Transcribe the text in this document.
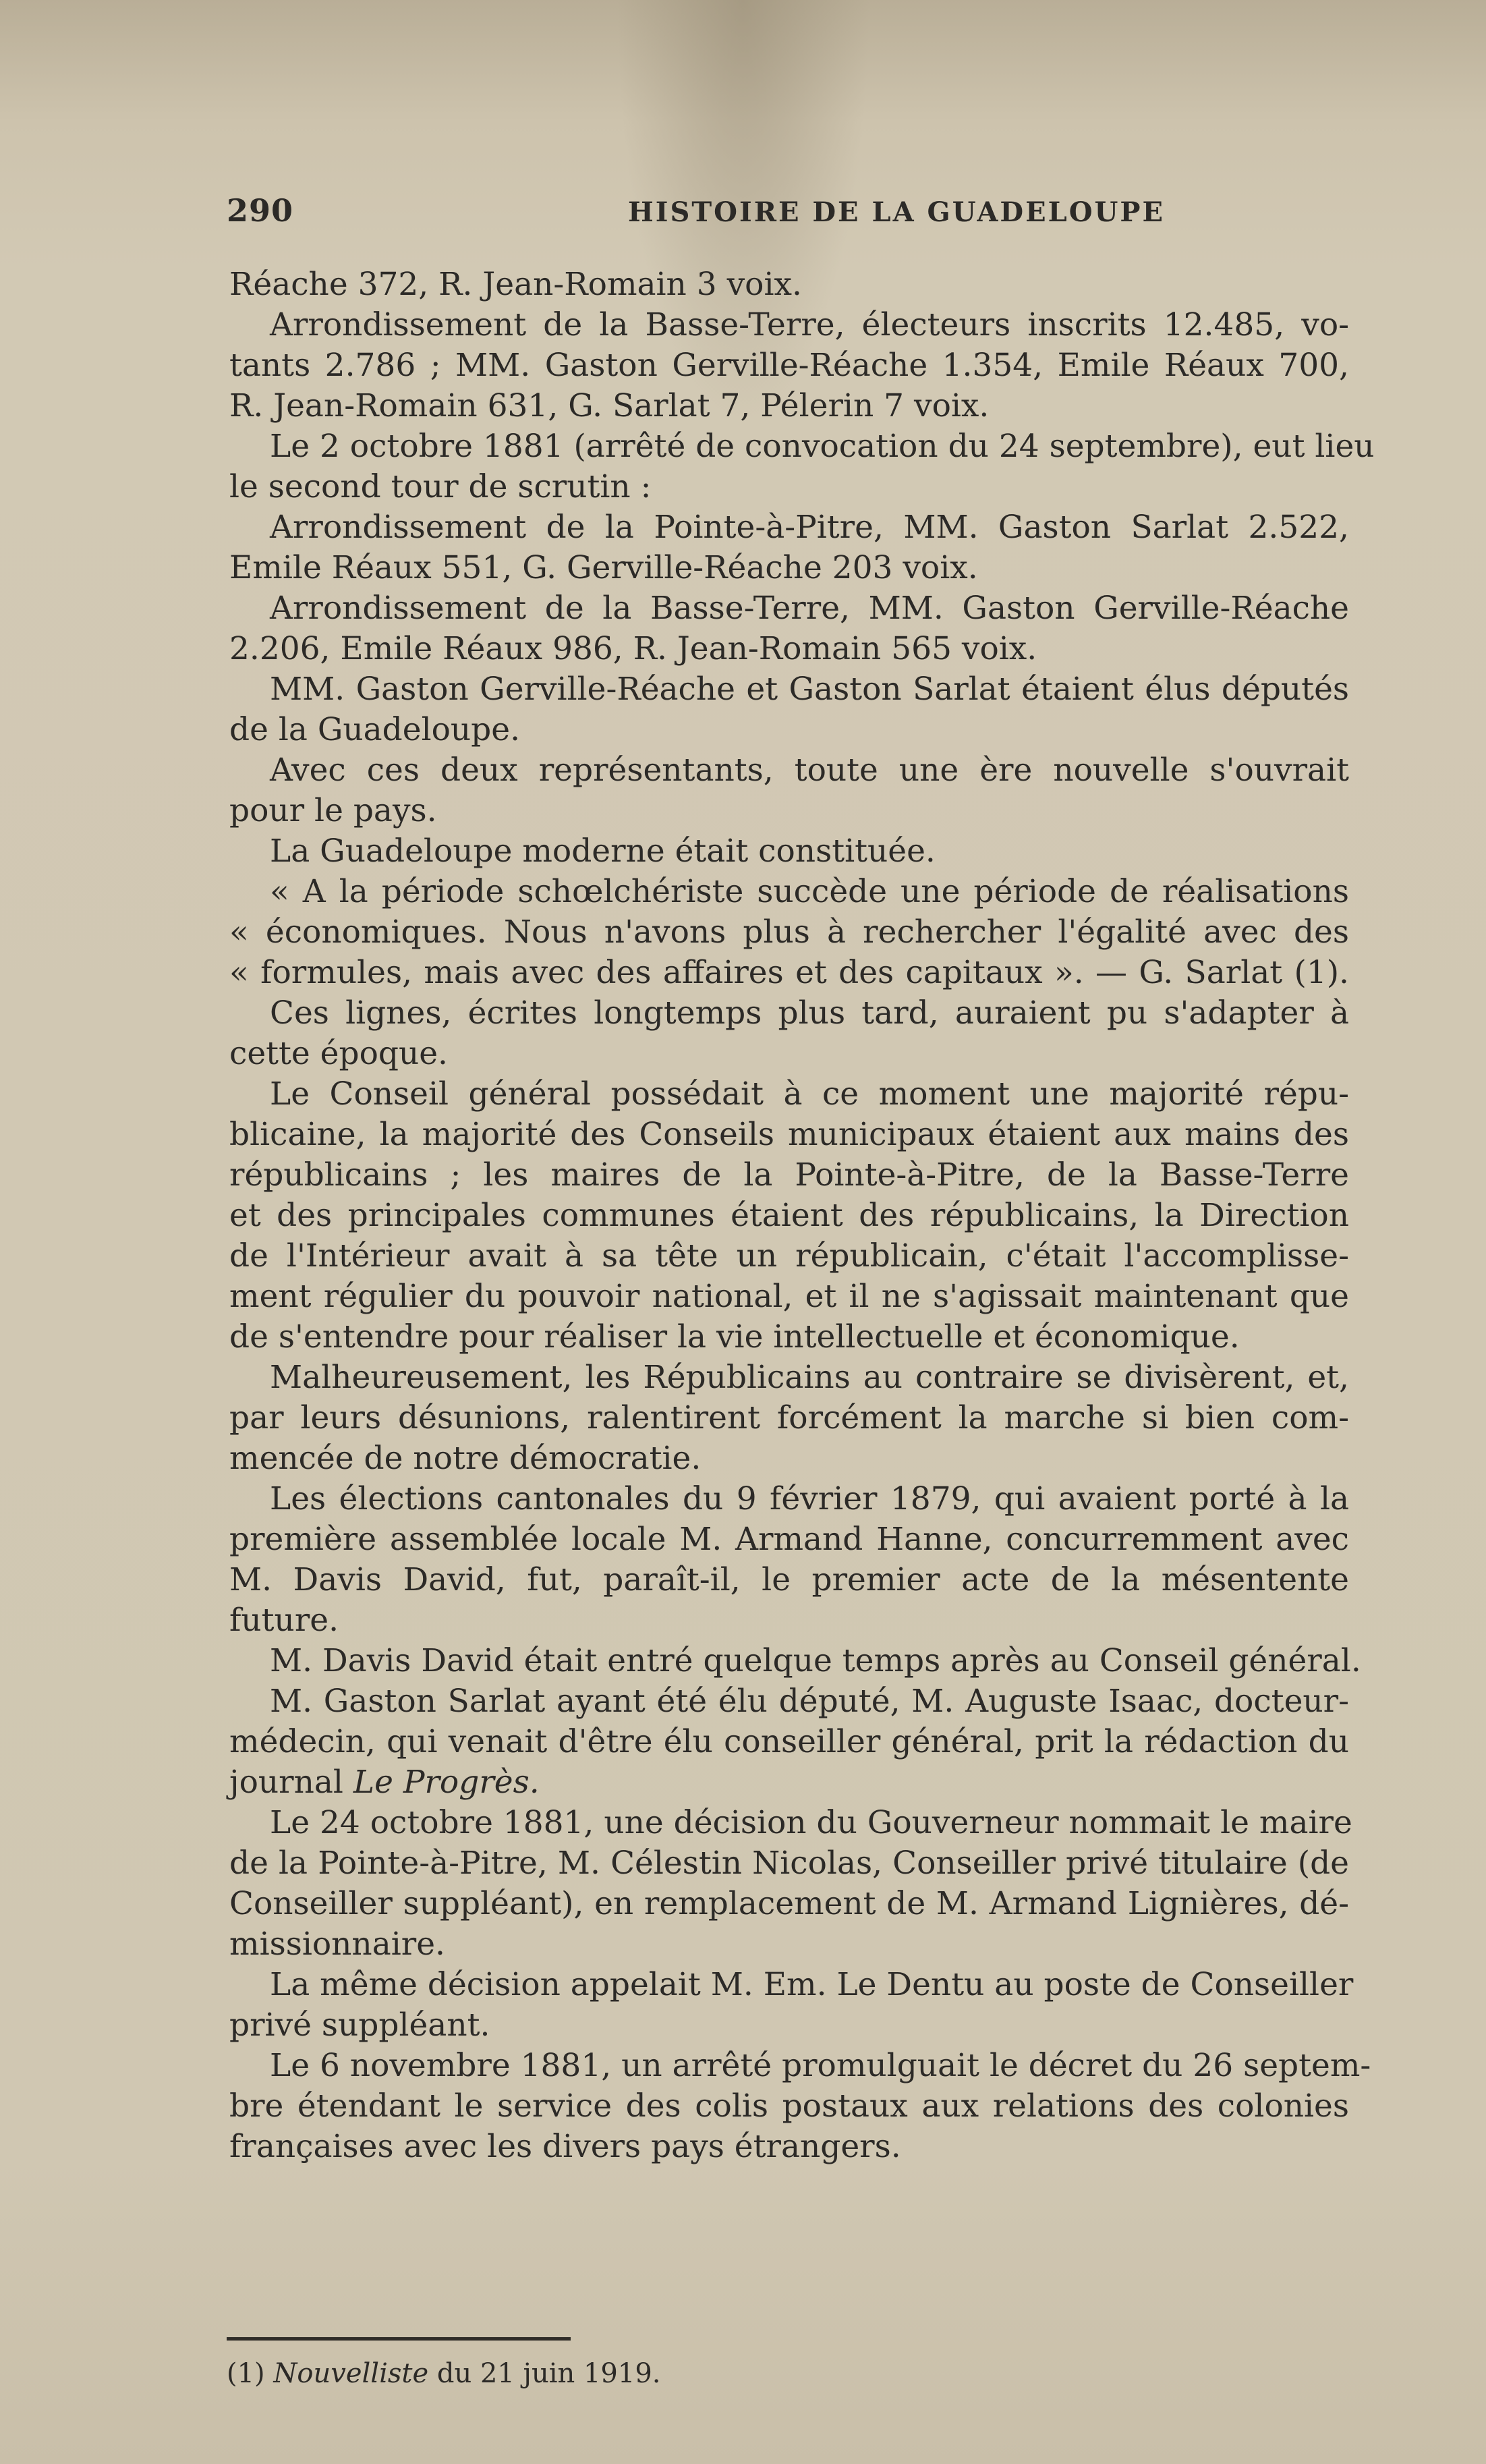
290	HISTOIRE DE LA GUADELOUPE
Réache 372, R. Jean-Romain 3 voix.
Arrondissement de la Basse-Terre, électeurs inscrits 12.485, vo-
tants 2.786 ; MM. Gaston Gerville-Réache 1.354, Emile Réaux 700,
R. Jean-Romain 631, G. Sarlat 7, Pélerin 7 voix.
Le 2 octobre 1881 (arrêté de convocation du 24 septembre), eut lieu
le second tour de scrutin :
Arrondissement de la Pointe-à-Pitre, MM. Gaston Sarlat 2.522,
Emile Réaux 551, G. Gerville-Réache 203 voix.
Arrondissement de la Basse-Terre, MM. Gaston Gerville-Réache
2.206, Emile Réaux 986, R. Jean-Romain 565 voix.
MM. Gaston Gerville-Réache et Gaston Sarlat étaient élus députés
de la Guadeloupe.
Avec ces deux représentants, toute une ère nouvelle s'ouvrait
pour le pays.
La Guadeloupe moderne était constituée.
« A la période schœlchériste succède une période de réalisations
« économiques. Nous n'avons plus à rechercher l'égalité avec des
« formules, mais avec des affaires et des capitaux ». — G. Sarlat (1).
Ces lignes, écrites longtemps plus tard, auraient pu s'adapter à
cette époque.
Le Conseil général possédait à ce moment une majorité répu-
blicaine, la majorité des Conseils municipaux étaient aux mains des
républicains ; les maires de la Pointe-à-Pitre, de la Basse-Terre
et des principales communes étaient des républicains, la Direction
de l'Intérieur avait à sa tête un républicain, c'était l'accomplisse-
ment régulier du pouvoir national, et il ne s'agissait maintenant que
de s'entendre pour réaliser la vie intellectuelle et économique.
Malheureusement, les Républicains au contraire se divisèrent, et,
par leurs désunions, ralentirent forcément la marche si bien com-
mencée de notre démocratie.
Les élections cantonales du 9 février 1879, qui avaient porté à la
première assemblée locale M. Armand Hanne, concurremment avec
M. Davis David, fut, paraît-il, le premier acte de la mésentente
future.
M. Davis David était entré quelque temps après au Conseil général.
M. Gaston Sarlat ayant été élu député, M. Auguste Isaac, docteur-
médecin, qui venait d'être élu conseiller général, prit la rédaction du
journal Le Progrès.
Le 24 octobre 1881, une décision du Gouverneur nommait le maire
de la Pointe-à-Pitre, M. Célestin Nicolas, Conseiller privé titulaire (de
Conseiller suppléant), en remplacement de M. Armand Lignières, dé-
missionnaire.
La même décision appelait M. Em. Le Dentu au poste de Conseiller
privé suppléant.
Le 6 novembre 1881, un arrêté promulguait le décret du 26 septem-
bre étendant le service des colis postaux aux relations des colonies
françaises avec les divers pays étrangers.
(1) Nouvelliste du 21 juin 1919.
